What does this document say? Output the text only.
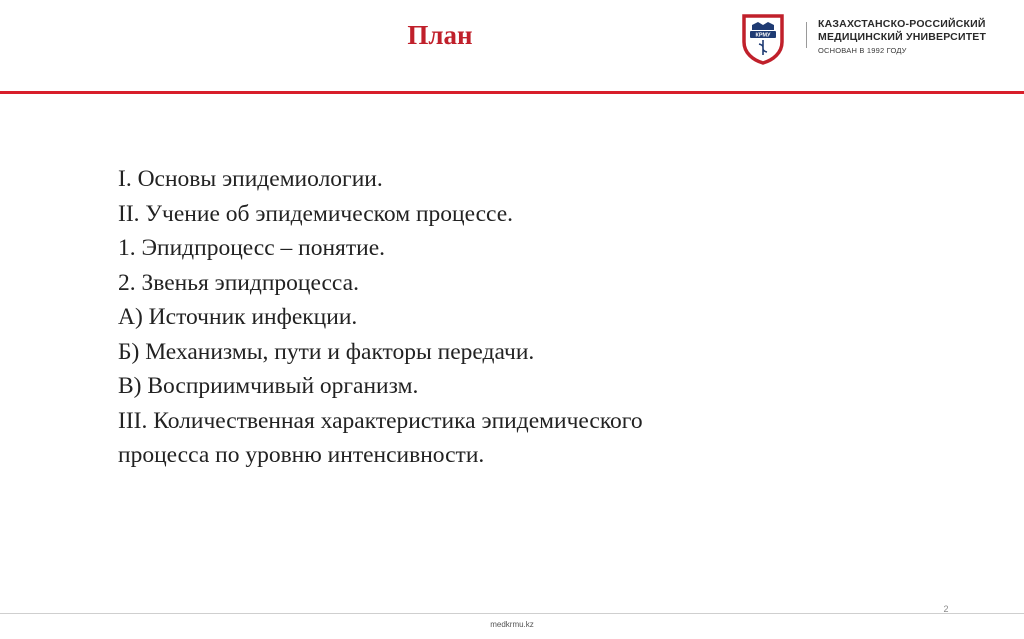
План	КРМУ
КАЗАХСТАНСКО-РОССИЙСКИЙ
МЕДИЦИНСКИЙ УНИВЕРСИТЕТ
ОСНОВАН В 1992 ГОДУ
I. Основы эпидемиологии.
II. Учение об эпидемическом процессе.
1. Эпидпроцесс – понятие.
2. Звенья эпидпроцесса.
А) Источник инфекции.
Б) Механизмы, пути и факторы передачи.
В) Восприимчивый организм.
III. Количественная характеристика эпидемического
процесса по уровню интенсивности.
2
medkrmu.kz
